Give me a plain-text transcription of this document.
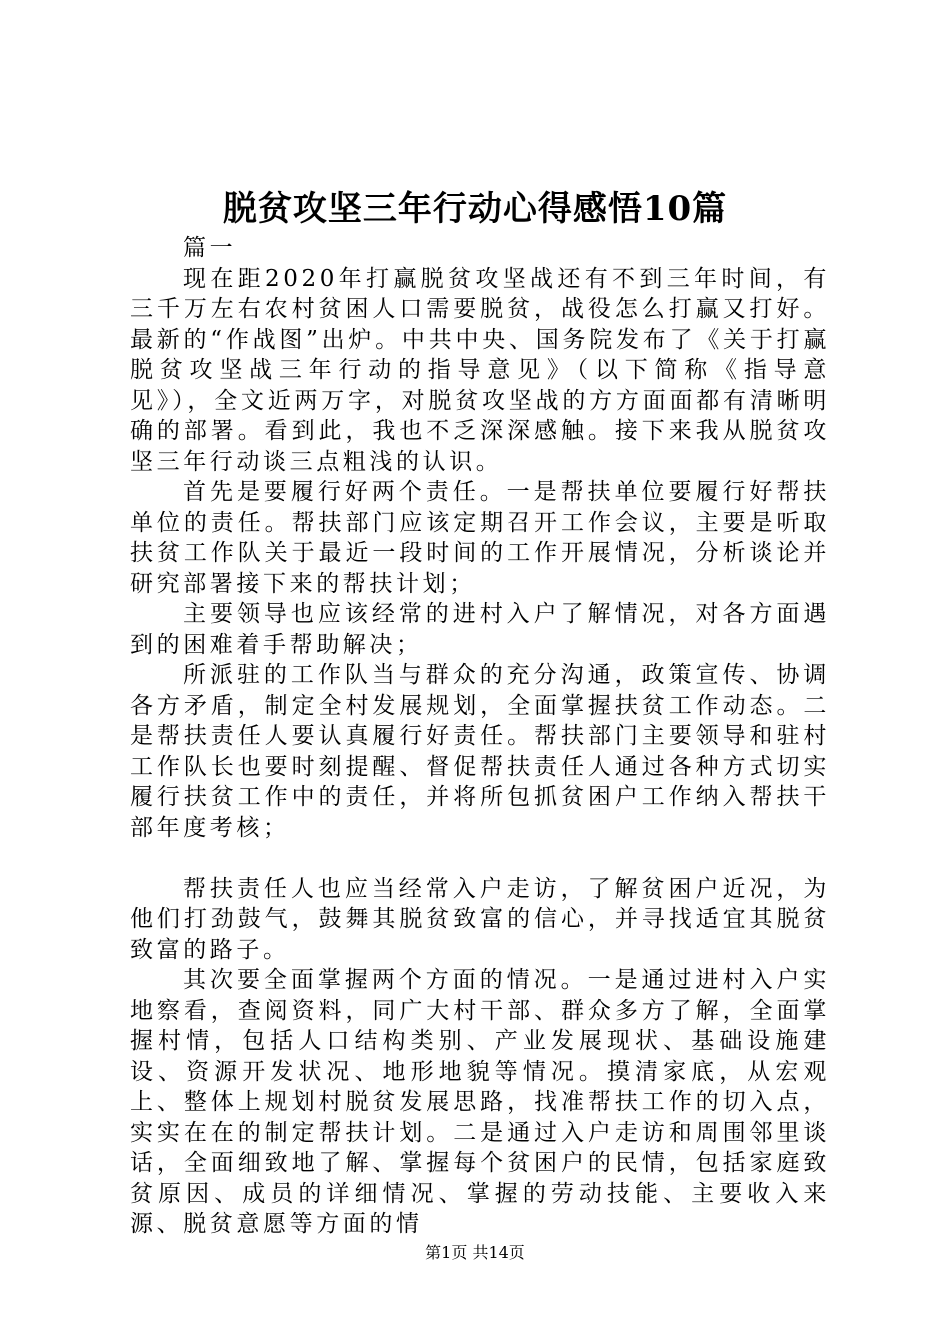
脱贫攻坚三年行动心得感悟10篇

篇一

现在距2020年打赢脱贫攻坚战还有不到三年时间，有三千万左右农村贫困人口需要脱贫，战役怎么打赢又打好。最新的“作战图”出炉。中共中央、国务院发布了《关于打赢脱贫攻坚战三年行动的指导意见》（以下简称《指导意见》），全文近两万字，对脱贫攻坚战的方方面面都有清晰明确的部署。看到此，我也不乏深深感触。接下来我从脱贫攻坚三年行动谈三点粗浅的认识。

首先是要履行好两个责任。一是帮扶单位要履行好帮扶单位的责任。帮扶部门应该定期召开工作会议，主要是听取扶贫工作队关于最近一段时间的工作开展情况，分析谈论并研究部署接下来的帮扶计划；

主要领导也应该经常的进村入户了解情况，对各方面遇到的困难着手帮助解决；

所派驻的工作队当与群众的充分沟通，政策宣传、协调各方矛盾，制定全村发展规划，全面掌握扶贫工作动态。二是帮扶责任人要认真履行好责任。帮扶部门主要领导和驻村工作队长也要时刻提醒、督促帮扶责任人通过各种方式切实履行扶贫工作中的责任，并将所包抓贫困户工作纳入帮扶干部年度考核；

帮扶责任人也应当经常入户走访，了解贫困户近况，为他们打劲鼓气，鼓舞其脱贫致富的信心，并寻找适宜其脱贫致富的路子。

其次要全面掌握两个方面的情况。一是通过进村入户实地察看，查阅资料，同广大村干部、群众多方了解，全面掌握村情，包括人口结构类别、产业发展现状、基础设施建设、资源开发状况、地形地貌等情况。摸清家底，从宏观上、整体上规划村脱贫发展思路，找准帮扶工作的切入点，实实在在的制定帮扶计划。二是通过入户走访和周围邻里谈话，全面细致地了解、掌握每个贫困户的民情，包括家庭致贫原因、成员的详细情况、掌握的劳动技能、主要收入来源、脱贫意愿等方面的情

第1页 共14页
